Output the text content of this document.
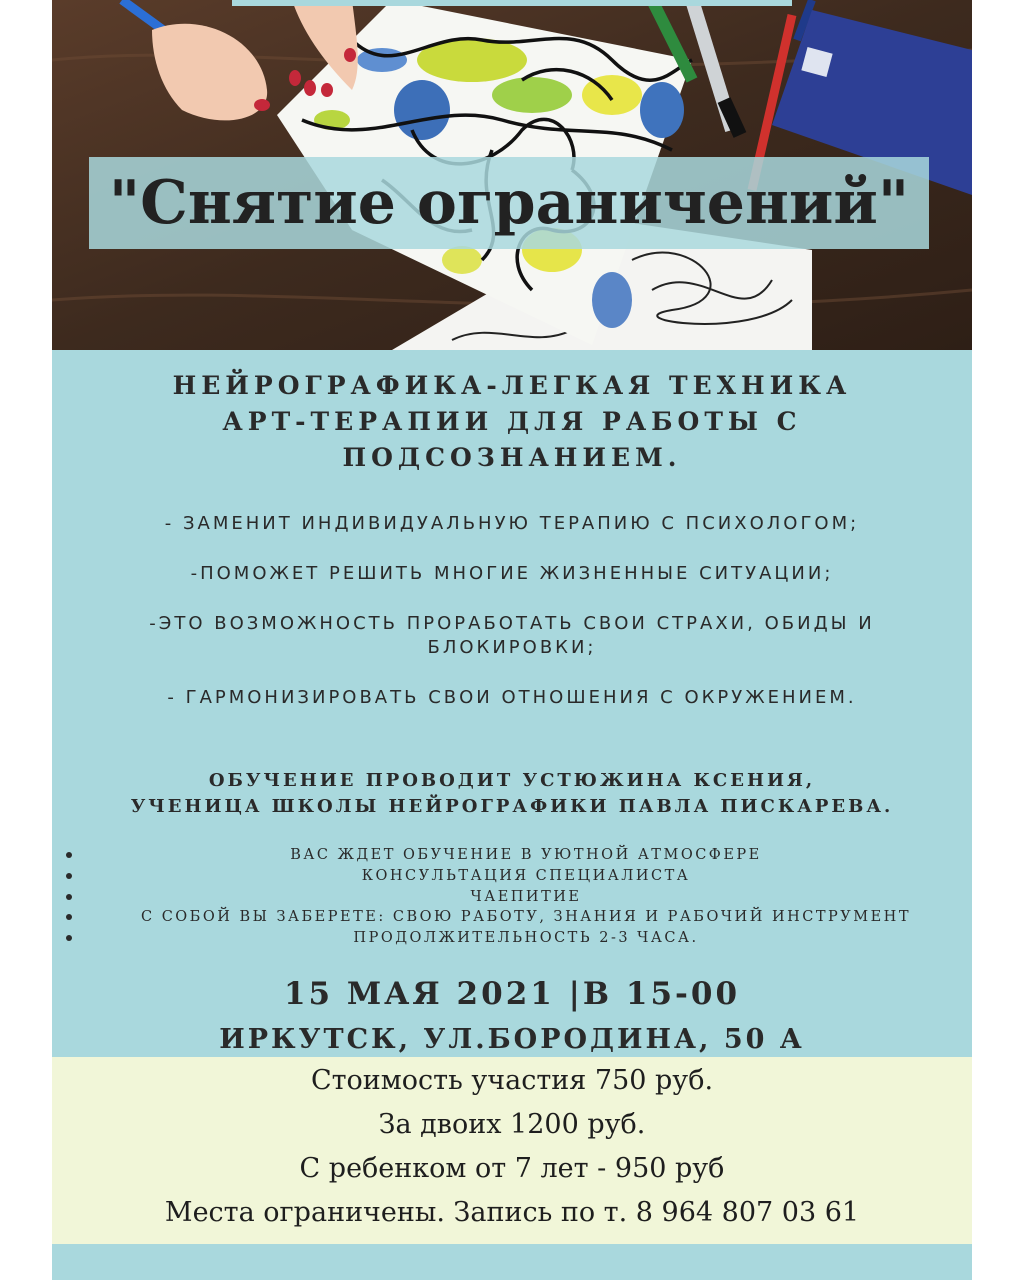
"Снятие ограничений"
НЕЙРОГРАФИКА-ЛЕГКАЯ ТЕХНИКА
АРТ-ТЕРАПИИ ДЛЯ РАБОТЫ С
ПОДСОЗНАНИЕМ.

- ЗАМЕНИТ ИНДИВИДУАЛЬНУЮ ТЕРАПИЮ С ПСИХОЛОГОМ;

-ПОМОЖЕТ РЕШИТЬ МНОГИЕ ЖИЗНЕННЫЕ СИТУАЦИИ;

-ЭТО ВОЗМОЖНОСТЬ ПРОРАБОТАТЬ СВОИ СТРАХИ, ОБИДЫ И БЛОКИРОВКИ;

- ГАРМОНИЗИРОВАТЬ СВОИ ОТНОШЕНИЯ С ОКРУЖЕНИЕМ.

ОБУЧЕНИЕ ПРОВОДИТ УСТЮЖИНА КСЕНИЯ,
УЧЕНИЦА ШКОЛЫ НЕЙРОГРАФИКИ ПАВЛА ПИСКАРЕВА.
ВАС ЖДЕТ ОБУЧЕНИЕ В УЮТНОЙ АТМОСФЕРЕ
КОНСУЛЬТАЦИЯ СПЕЦИАЛИСТА
ЧАЕПИТИЕ
С СОБОЙ ВЫ ЗАБЕРЕТЕ: СВОЮ РАБОТУ, ЗНАНИЯ И РАБОЧИЙ ИНСТРУМЕНТ
ПРОДОЛЖИТЕЛЬНОСТЬ 2-3 ЧАСА.
15 МАЯ 2021 |В 15-00
ИРКУТСК, УЛ.БОРОДИНА, 50 А

Стоимость участия 750 руб.

За двоих 1200 руб.

С ребенком от 7 лет - 950 руб

Места ограничены. Запись по т. 8 964 807 03 61
